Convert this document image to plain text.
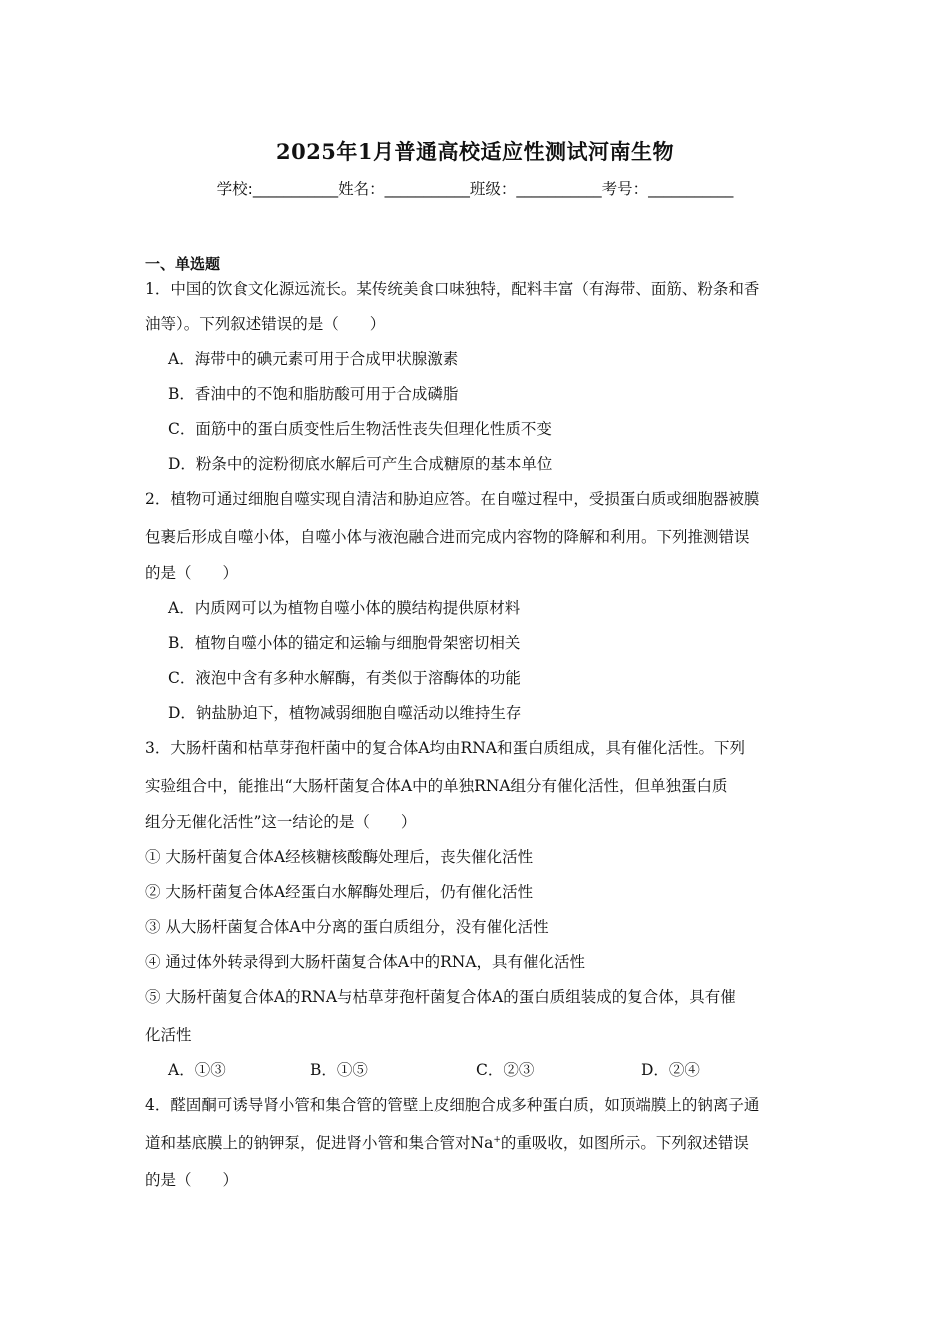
2025年1月普通高校适应性测试河南生物
学校:___________姓名：___________班级：___________考号：___________
一、单选题
1．中国的饮食文化源远流长。某传统美食口味独特，配料丰富（有海带、面筋、粉条和香
油等）。下列叙述错误的是（　　）
A．海带中的碘元素可用于合成甲状腺激素
B．香油中的不饱和脂肪酸可用于合成磷脂
C．面筋中的蛋白质变性后生物活性丧失但理化性质不变
D．粉条中的淀粉彻底水解后可产生合成糖原的基本单位
2．植物可通过细胞自噬实现自清洁和胁迫应答。在自噬过程中，受损蛋白质或细胞器被膜
包裹后形成自噬小体，自噬小体与液泡融合进而完成内容物的降解和利用。下列推测错误
的是（　　）
A．内质网可以为植物自噬小体的膜结构提供原材料
B．植物自噬小体的锚定和运输与细胞骨架密切相关
C．液泡中含有多种水解酶，有类似于溶酶体的功能
D．钠盐胁迫下，植物减弱细胞自噬活动以维持生存
3．大肠杆菌和枯草芽孢杆菌中的复合体A均由RNA和蛋白质组成，具有催化活性。下列
实验组合中，能推出“大肠杆菌复合体A中的单独RNA组分有催化活性，但单独蛋白质
组分无催化活性”这一结论的是（　　）
① 大肠杆菌复合体A经核糖核酸酶处理后，丧失催化活性
② 大肠杆菌复合体A经蛋白水解酶处理后，仍有催化活性
③ 从大肠杆菌复合体A中分离的蛋白质组分，没有催化活性
④ 通过体外转录得到大肠杆菌复合体A中的RNA，具有催化活性
⑤ 大肠杆菌复合体A的RNA与枯草芽孢杆菌复合体A的蛋白质组装成的复合体，具有催
化活性
A．①③	B．①⑤	C．②③	D．②④
4．醛固酮可诱导肾小管和集合管的管壁上皮细胞合成多种蛋白质，如顶端膜上的钠离子通
道和基底膜上的钠钾泵，促进肾小管和集合管对Na+的重吸收，如图所示。下列叙述错误
的是（　　）
